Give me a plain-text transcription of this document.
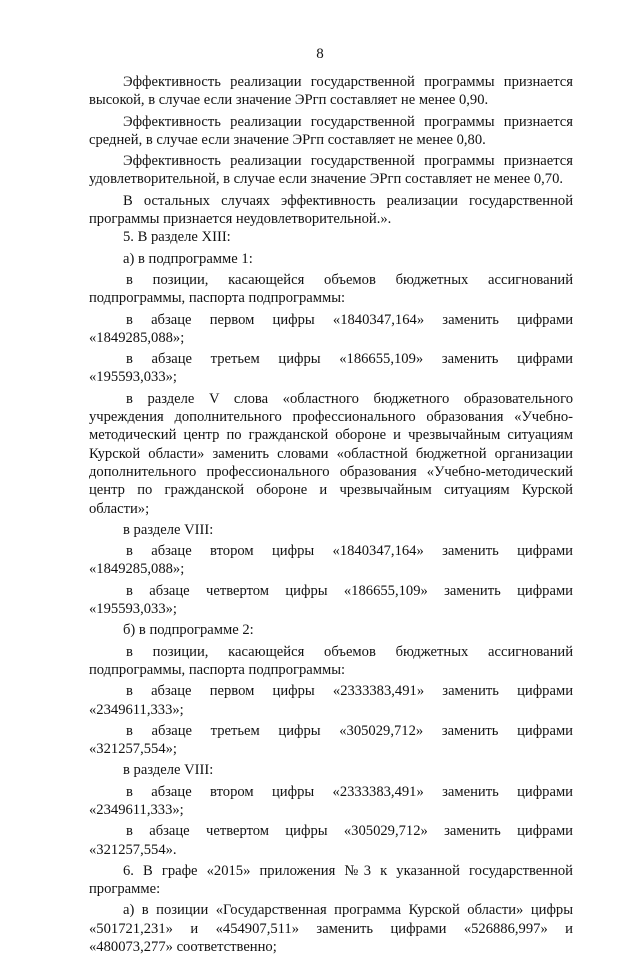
8

Эффективность реализации государственной программы признается высокой, в случае если значение ЭРгп составляет не менее 0,90.

Эффективность реализации государственной программы признается средней, в случае если значение ЭРгп составляет не менее 0,80.

Эффективность реализации государственной программы признается удовлетворительной, в случае если значение ЭРгп составляет не менее 0,70.

В остальных случаях эффективность реализации государственной программы признается неудовлетворительной.».

5. В разделе XIII:

а) в подпрограмме 1:

в позиции, касающейся объемов бюджетных ассигнований подпрограммы, паспорта подпрограммы:

в абзаце первом цифры «1840347,164» заменить цифрами «1849285,088»;

в абзаце третьем цифры «186655,109» заменить цифрами «195593,033»;

в разделе V слова «областного бюджетного образовательного учреждения дополнительного профессионального образования «Учебно-методический центр по гражданской обороне и чрезвычайным ситуациям Курской области» заменить словами «областной бюджетной организации дополнительного профессионального образования «Учебно-методический центр по гражданской обороне и чрезвычайным ситуациям Курской области»;

в разделе VIII:

в абзаце втором цифры «1840347,164» заменить цифрами «1849285,088»;

в абзаце четвертом цифры «186655,109» заменить цифрами «195593,033»;

б) в подпрограмме 2:

в позиции, касающейся объемов бюджетных ассигнований подпрограммы, паспорта подпрограммы:

в абзаце первом цифры «2333383,491» заменить цифрами «2349611,333»;

в абзаце третьем цифры «305029,712» заменить цифрами «321257,554»;

в разделе VIII:

в абзаце втором цифры «2333383,491» заменить цифрами «2349611,333»;

в абзаце четвертом цифры «305029,712» заменить цифрами «321257,554».

6. В графе «2015» приложения №3 к указанной государственной программе:

а) в позиции «Государственная программа Курской области» цифры «501721,231» и «454907,511» заменить цифрами «526886,997» и «480073,277» соответственно;
